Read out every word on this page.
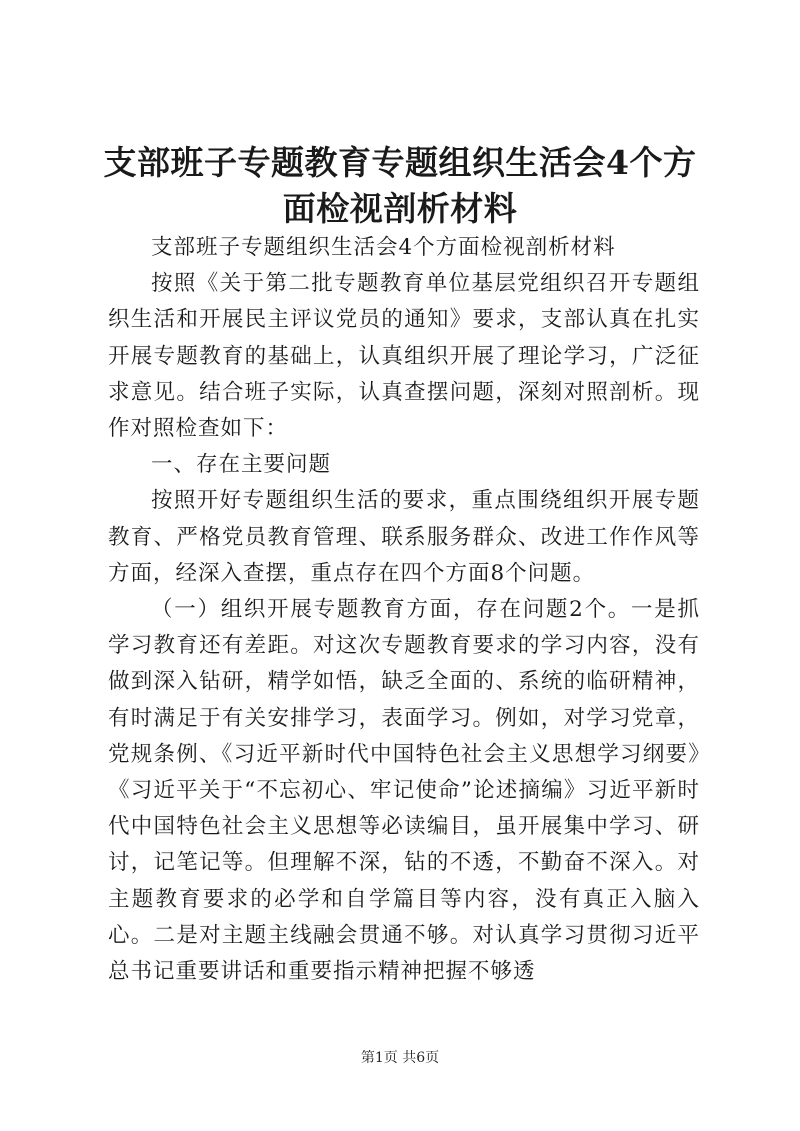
支部班子专题教育专题组织生活会4个方面检视剖析材料

支部班子专题组织生活会4个方面检视剖析材料

按照《关于第二批专题教育单位基层党组织召开专题组织生活和开展民主评议党员的通知》要求，支部认真在扎实开展专题教育的基础上，认真组织开展了理论学习，广泛征求意见。结合班子实际，认真查摆问题，深刻对照剖析。现作对照检查如下：

一、存在主要问题

按照开好专题组织生活的要求，重点围绕组织开展专题教育、严格党员教育管理、联系服务群众、改进工作作风等方面，经深入查摆，重点存在四个方面8个问题。

（一）组织开展专题教育方面，存在问题2个。一是抓学习教育还有差距。对这次专题教育要求的学习内容，没有做到深入钻研，精学如悟，缺乏全面的、系统的临研精神，有时满足于有关安排学习，表面学习。例如，对学习党章，党规条例、《习近平新时代中国特色社会主义思想学习纲要》《习近平关于“不忘初心、牢记使命”论述摘编》习近平新时代中国特色社会主义思想等必读编目，虽开展集中学习、研讨，记笔记等。但理解不深，钻的不透，不勤奋不深入。对主题教育要求的必学和自学篇目等内容，没有真正入脑入心。二是对主题主线融会贯通不够。对认真学习贯彻习近平总书记重要讲话和重要指示精神把握不够透

第1页 共6页
